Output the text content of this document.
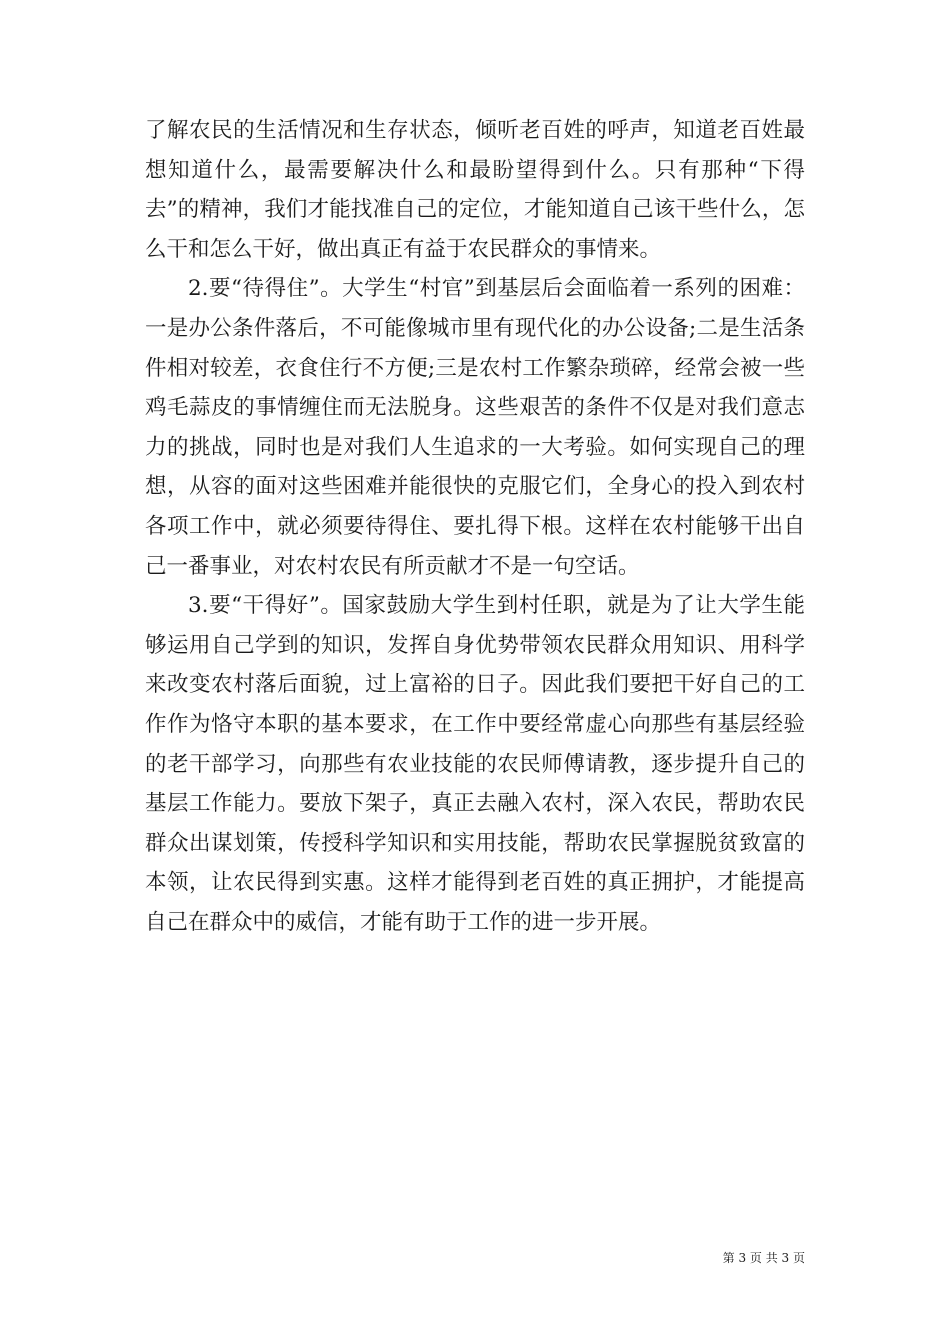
了解农民的生活情况和生存状态，倾听老百姓的呼声，知道老百姓最想知道什么，最需要解决什么和最盼望得到什么。只有那种“下得去”的精神，我们才能找准自己的定位，才能知道自己该干些什么，怎么干和怎么干好，做出真正有益于农民群众的事情来。

2.要“待得住”。大学生“村官”到基层后会面临着一系列的困难：一是办公条件落后，不可能像城市里有现代化的办公设备;二是生活条件相对较差，衣食住行不方便;三是农村工作繁杂琐碎，经常会被一些鸡毛蒜皮的事情缠住而无法脱身。这些艰苦的条件不仅是对我们意志力的挑战，同时也是对我们人生追求的一大考验。如何实现自己的理想，从容的面对这些困难并能很快的克服它们，全身心的投入到农村各项工作中，就必须要待得住、要扎得下根。这样在农村能够干出自己一番事业，对农村农民有所贡献才不是一句空话。

3.要“干得好”。国家鼓励大学生到村任职，就是为了让大学生能够运用自己学到的知识，发挥自身优势带领农民群众用知识、用科学来改变农村落后面貌，过上富裕的日子。因此我们要把干好自己的工作作为恪守本职的基本要求，在工作中要经常虚心向那些有基层经验的老干部学习，向那些有农业技能的农民师傅请教，逐步提升自己的基层工作能力。要放下架子，真正去融入农村，深入农民，帮助农民群众出谋划策，传授科学知识和实用技能，帮助农民掌握脱贫致富的本领，让农民得到实惠。这样才能得到老百姓的真正拥护，才能提高自己在群众中的威信，才能有助于工作的进一步开展。

第 3 页 共 3 页
